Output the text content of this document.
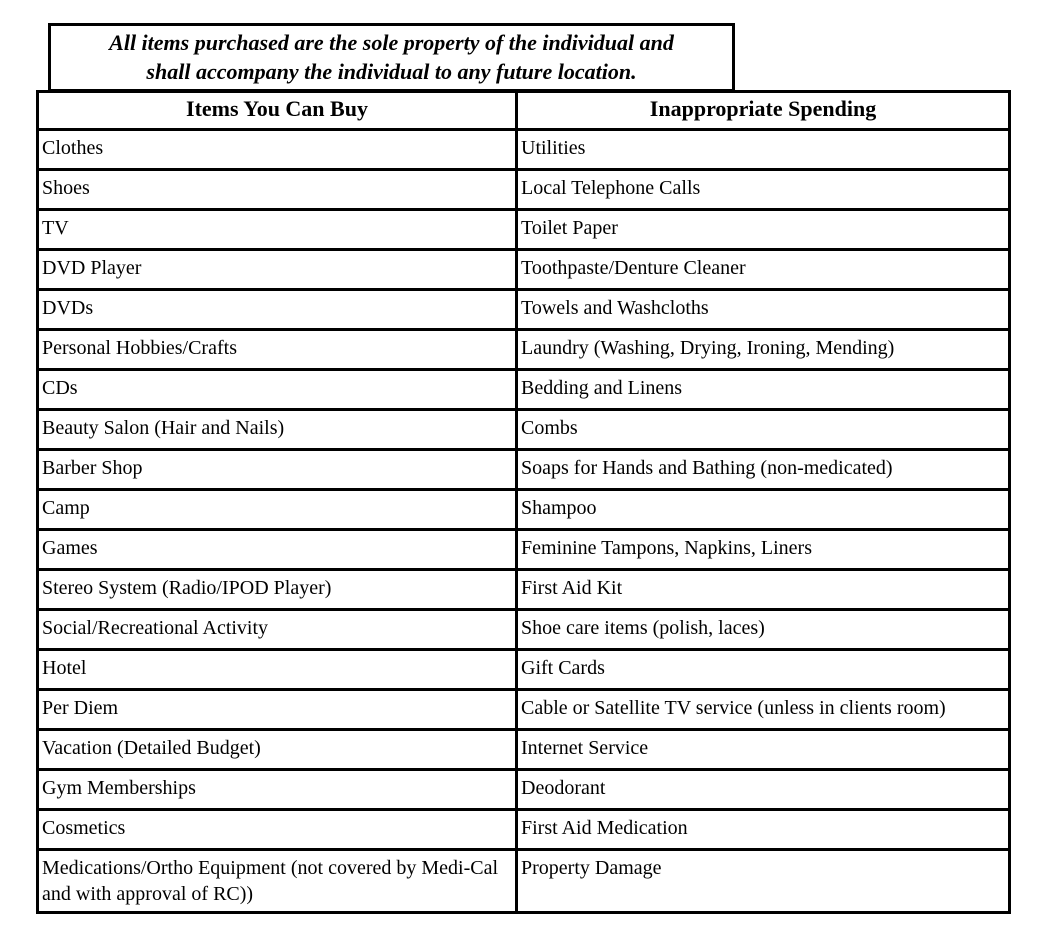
All items purchased are the sole property of the individual and
shall accompany the individual to any future location.
Items You Can Buy	Inappropriate Spending
Clothes	Utilities
Shoes	Local Telephone Calls
TV	Toilet Paper
DVD Player	Toothpaste/Denture Cleaner
DVDs	Towels and Washcloths
Personal Hobbies/Crafts	Laundry (Washing, Drying, Ironing, Mending)
CDs	Bedding and Linens
Beauty Salon (Hair and Nails)	Combs
Barber Shop	Soaps for Hands and Bathing (non-medicated)
Camp	Shampoo
Games	Feminine Tampons, Napkins, Liners
Stereo System (Radio/IPOD Player)	First Aid Kit
Social/Recreational Activity	Shoe care items (polish, laces)
Hotel	Gift Cards
Per Diem	Cable or Satellite TV service (unless in clients room)
Vacation (Detailed Budget)	Internet Service
Gym Memberships	Deodorant
Cosmetics	First Aid Medication
Medications/Ortho Equipment (not covered by Medi-Cal and with approval of RC))	Property Damage
